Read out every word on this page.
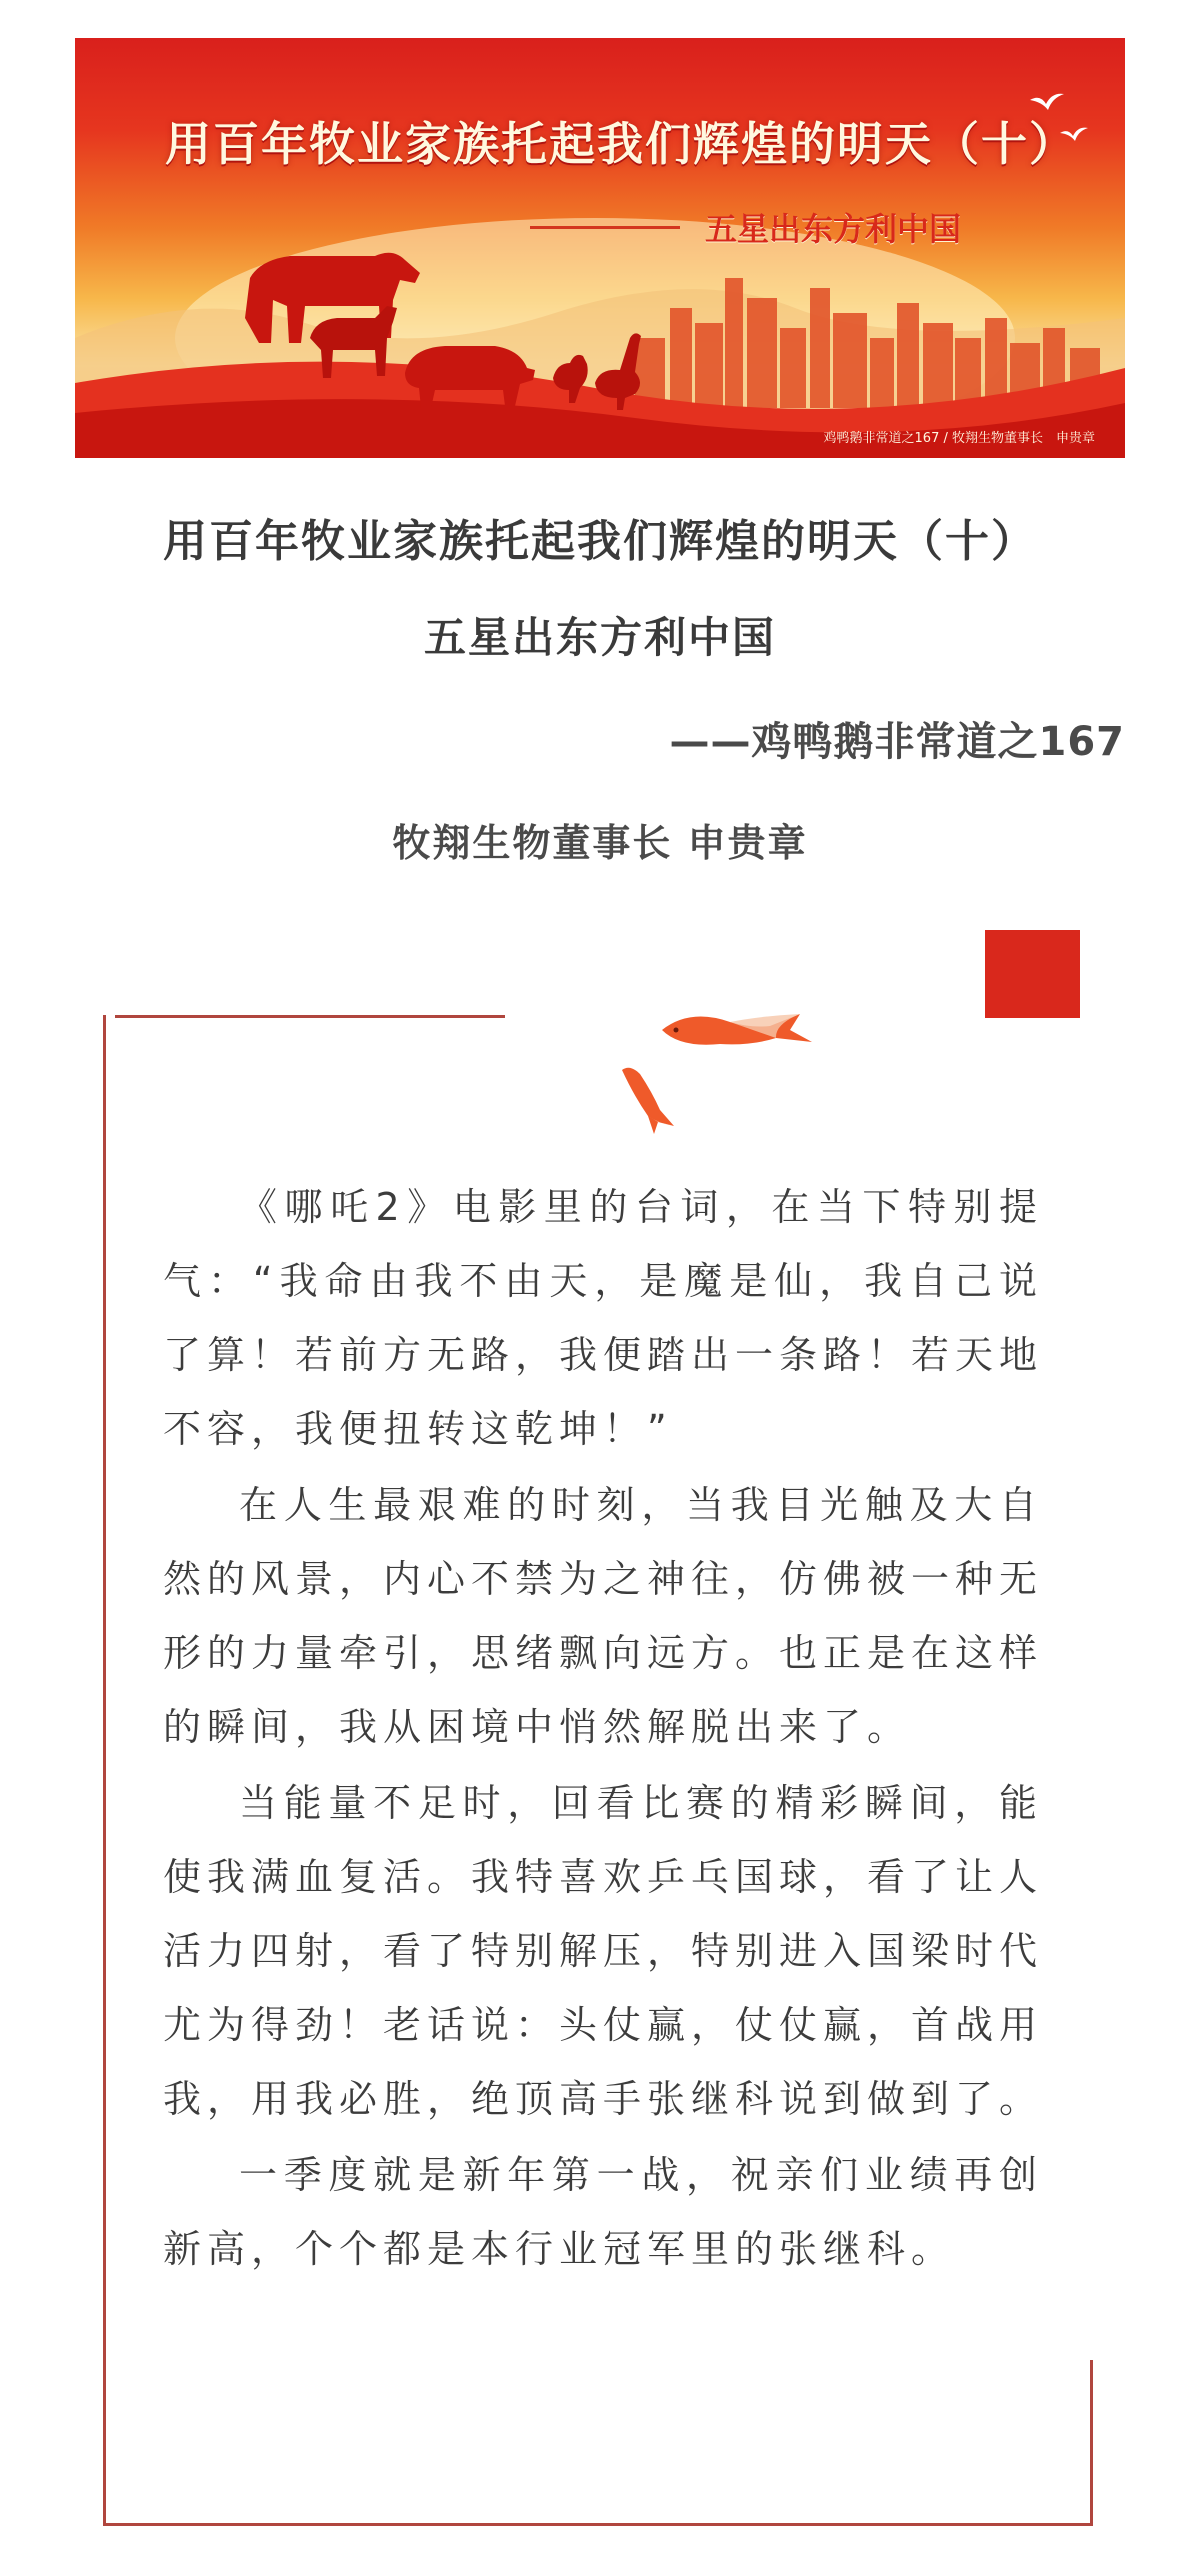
用百年牧业家族托起我们辉煌的明天（十）
五星出东方利中国
鸡鸭鹅非常道之167 / 牧翔生物董事长　申贵章
用百年牧业家族托起我们辉煌的明天（十）
五星出东方利中国
——鸡鸭鹅非常道之167
牧翔生物董事长 申贵章

《哪吒2》电影里的台词，在当下特别提气：“我命由我不由天，是魔是仙，我自己说了算！若前方无路，我便踏出一条路！若天地不容，我便扭转这乾坤！”

在人生最艰难的时刻，当我目光触及大自然的风景，内心不禁为之神往，仿佛被一种无形的力量牵引，思绪飘向远方。也正是在这样的瞬间，我从困境中悄然解脱出来了。

当能量不足时，回看比赛的精彩瞬间，能使我满血复活。我特喜欢乒乓国球，看了让人活力四射，看了特别解压，特别进入国梁时代尤为得劲！老话说：头仗赢，仗仗赢，首战用我，用我必胜，绝顶高手张继科说到做到了。

一季度就是新年第一战，祝亲们业绩再创新高，个个都是本行业冠军里的张继科。
